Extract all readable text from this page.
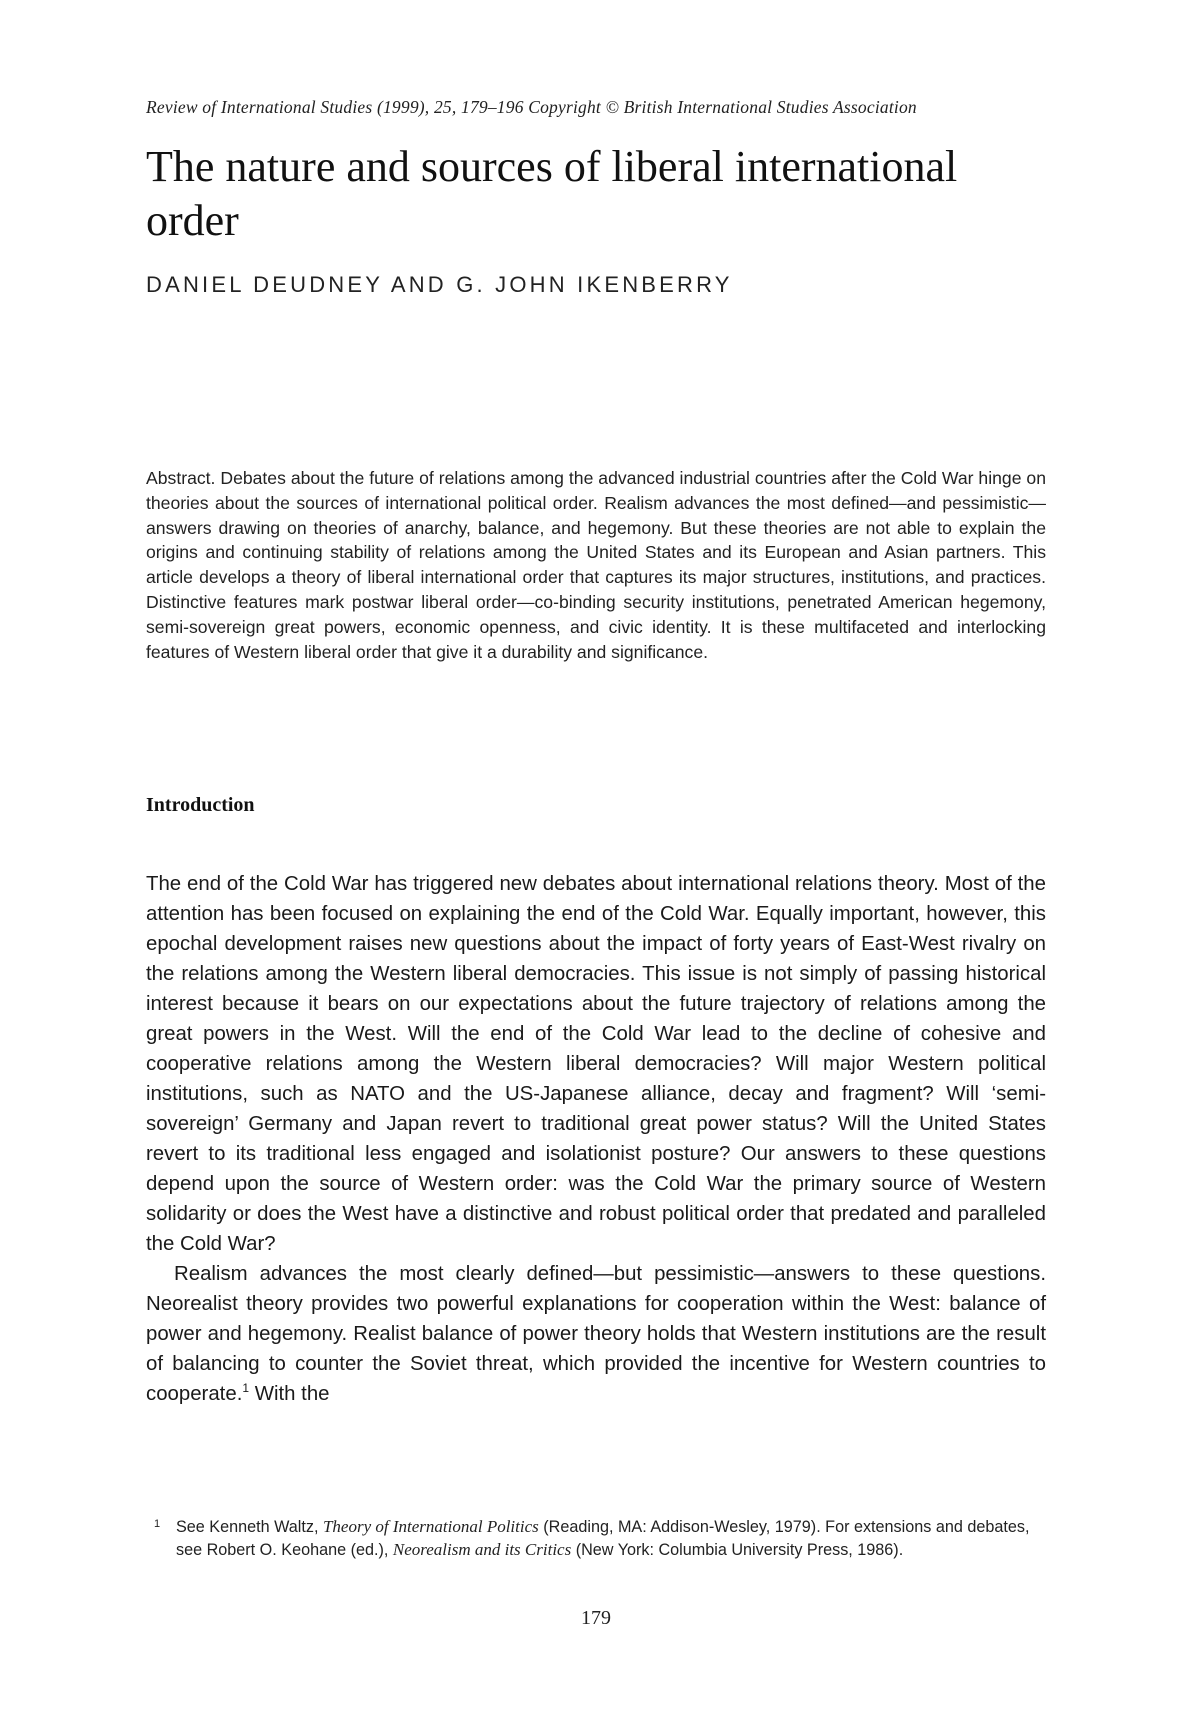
Review of International Studies (1999), 25, 179–196 Copyright © British International Studies Association
The nature and sources of liberal international order
DANIEL DEUDNEY AND G. JOHN IKENBERRY

Abstract. Debates about the future of relations among the advanced industrial countries after the Cold War hinge on theories about the sources of international political order. Realism advances the most defined—and pessimistic—answers drawing on theories of anarchy, balance, and hegemony. But these theories are not able to explain the origins and continuing stability of relations among the United States and its European and Asian partners. This article develops a theory of liberal international order that captures its major structures, institutions, and practices. Distinctive features mark postwar liberal order—co-binding security institutions, penetrated American hegemony, semi-sovereign great powers, economic openness, and civic identity. It is these multifaceted and interlocking features of Western liberal order that give it a durability and significance.

Introduction

The end of the Cold War has triggered new debates about international relations theory. Most of the attention has been focused on explaining the end of the Cold War. Equally important, however, this epochal development raises new questions about the impact of forty years of East-West rivalry on the relations among the Western liberal democracies. This issue is not simply of passing historical interest because it bears on our expectations about the future trajectory of relations among the great powers in the West. Will the end of the Cold War lead to the decline of cohesive and cooperative relations among the Western liberal democracies? Will major Western political institutions, such as NATO and the US-Japanese alliance, decay and fragment? Will ‘semi-sovereign’ Germany and Japan revert to traditional great power status? Will the United States revert to its traditional less engaged and isolationist posture? Our answers to these questions depend upon the source of Western order: was the Cold War the primary source of Western solidarity or does the West have a distinctive and robust political order that predated and paralleled the Cold War?

Realism advances the most clearly defined—but pessimistic—answers to these questions. Neorealist theory provides two powerful explanations for cooperation within the West: balance of power and hegemony. Realist balance of power theory holds that Western institutions are the result of balancing to counter the Soviet threat, which provided the incentive for Western countries to cooperate.$^1$ With the

1 See Kenneth Waltz, Theory of International Politics (Reading, MA: Addison-Wesley, 1979). For extensions and debates, see Robert O. Keohane (ed.), Neorealism and its Critics (New York: Columbia University Press, 1986).
179
